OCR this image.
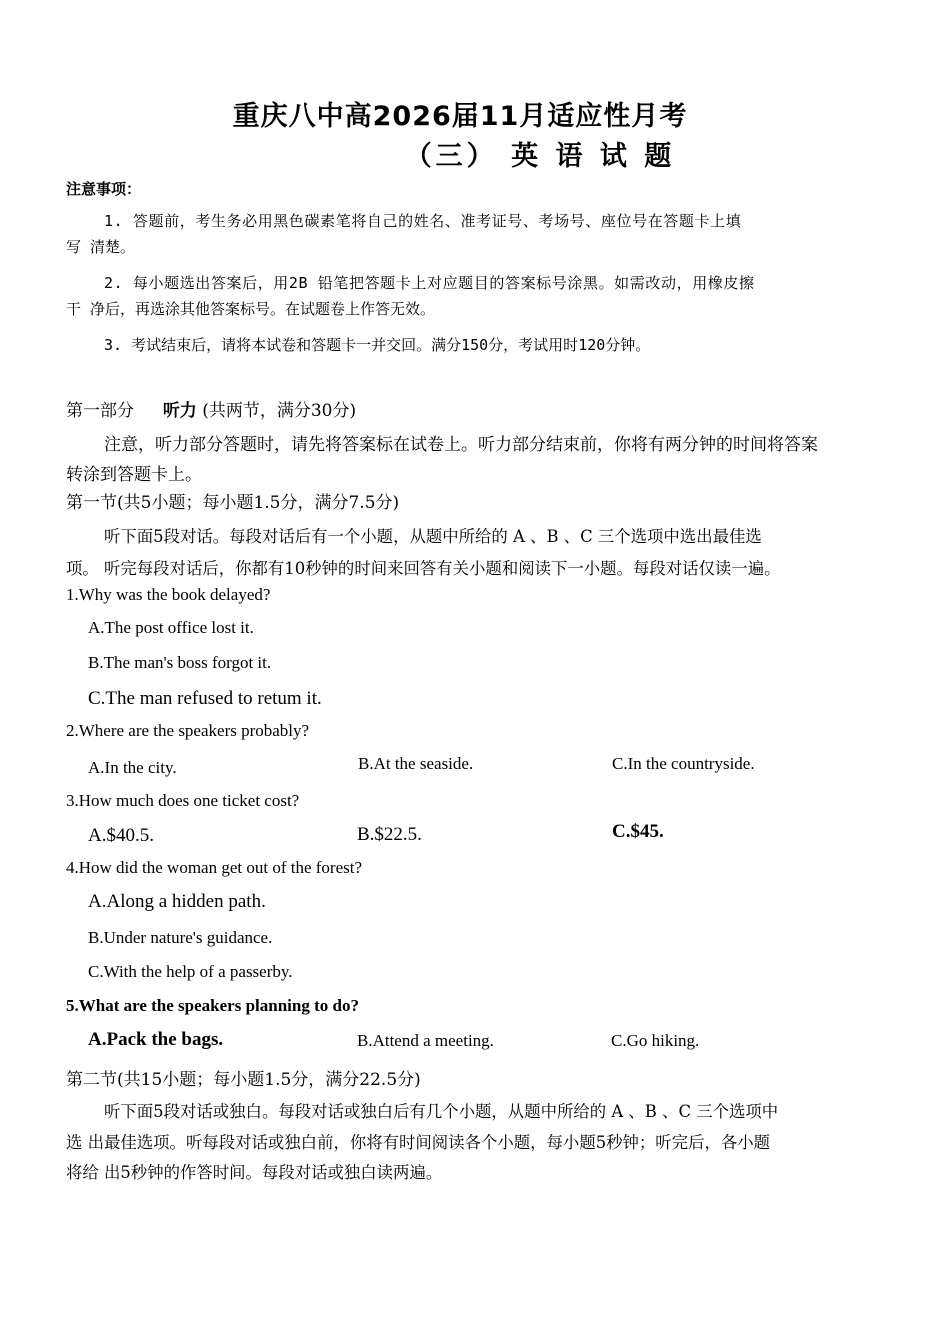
重庆八中高2026届11月适应性月考
（三） 英 语 试 题
注意事项：
1. 答题前，考生务必用黑色碳素笔将自己的姓名、准考证号、考场号、座位号在答题卡上填
写 清楚。
2. 每小题选出答案后，用2B 铅笔把答题卡上对应题目的答案标号涂黑。如需改动，用橡皮擦
干 净后，再选涂其他答案标号。在试题卷上作答无效。
3. 考试结束后，请将本试卷和答题卡一并交回。满分150分，考试用时120分钟。
第一部分 听力 (共两节，满分30分)
注意，听力部分答题时，请先将答案标在试卷上。听力部分结束前，你将有两分钟的时间将答案
转涂到答题卡上。
第一节(共5小题；每小题1.5分，满分7.5分)
听下面5段对话。每段对话后有一个小题，从题中所给的 A 、B 、C 三个选项中选出最佳选
项。 听完每段对话后，你都有10秒钟的时间来回答有关小题和阅读下一小题。每段对话仅读一遍。
1.Why was the book delayed?
A.The post office lost it.
B.The man's boss forgot it.
C.The man refused to retum it.
2.Where are the speakers probably?
A.In the city.	B.At the seaside.	C.In the countryside.
3.How much does one ticket cost?
A.$40.5.	B.$22.5.	C.$45.
4.How did the woman get out of the forest?
A.Along a hidden path.
B.Under nature's guidance.
C.With the help of a passerby.
5.What are the speakers planning to do?
A.Pack the bags.	B.Attend a meeting.	C.Go hiking.
第二节(共15小题；每小题1.5分，满分22.5分)
听下面5段对话或独白。每段对话或独白后有几个小题，从题中所给的 A 、B 、C 三个选项中
选 出最佳选项。听每段对话或独白前，你将有时间阅读各个小题，每小题5秒钟；听完后，各小题
将给 出5秒钟的作答时间。每段对话或独白读两遍。
